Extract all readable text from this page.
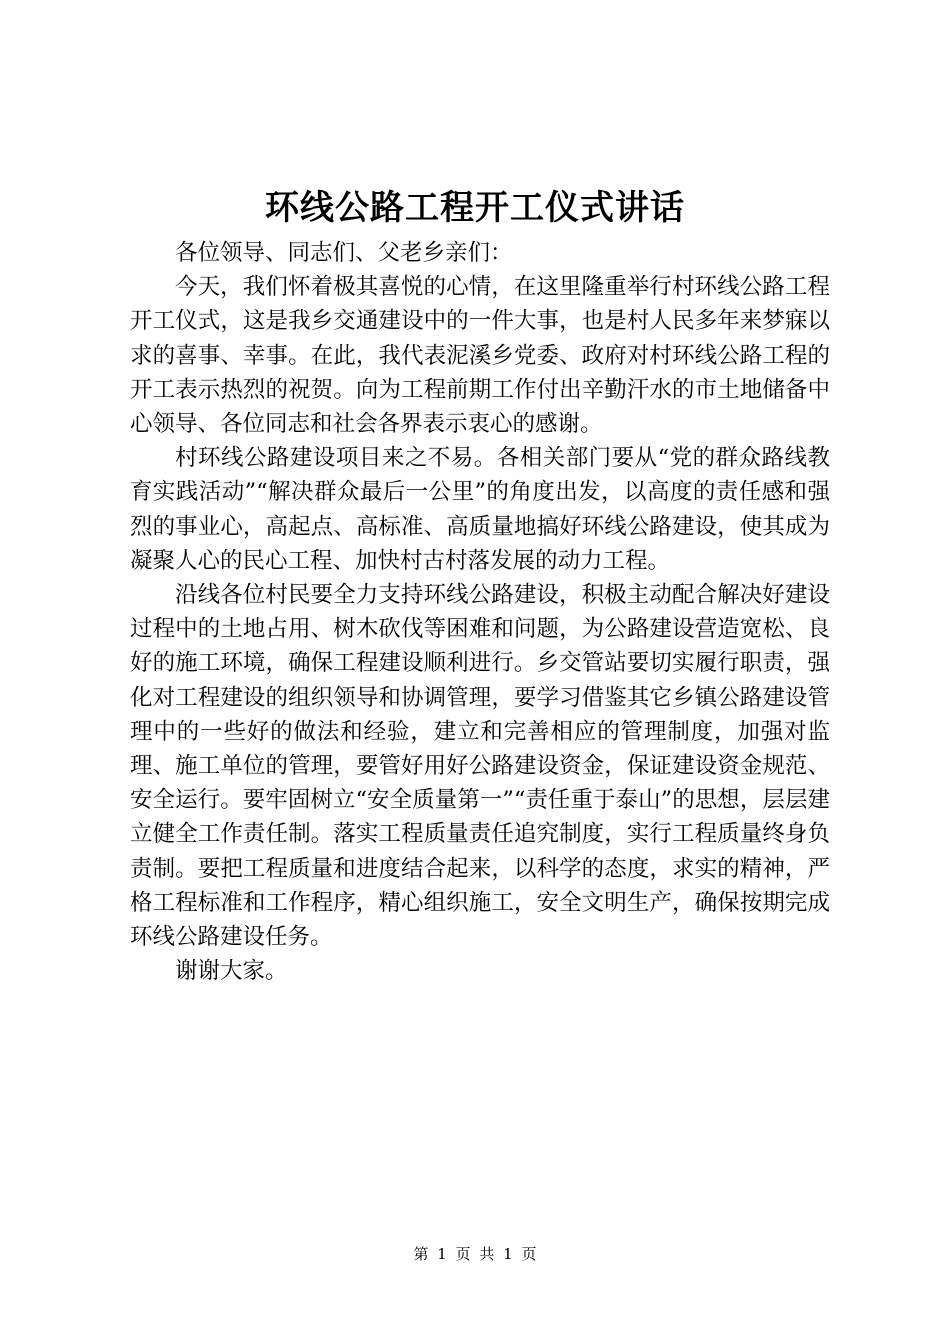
环线公路工程开工仪式讲话

各位领导、同志们、父老乡亲们：

今天，我们怀着极其喜悦的心情，在这里隆重举行村环线公路工程开工仪式，这是我乡交通建设中的一件大事，也是村人民多年来梦寐以求的喜事、幸事。在此，我代表泥溪乡党委、政府对村环线公路工程的开工表示热烈的祝贺。向为工程前期工作付出辛勤汗水的市土地储备中心领导、各位同志和社会各界表示衷心的感谢。

村环线公路建设项目来之不易。各相关部门要从“党的群众路线教育实践活动”“解决群众最后一公里”的角度出发，以高度的责任感和强烈的事业心，高起点、高标准、高质量地搞好环线公路建设，使其成为凝聚人心的民心工程、加快村古村落发展的动力工程。

沿线各位村民要全力支持环线公路建设，积极主动配合解决好建设过程中的土地占用、树木砍伐等困难和问题，为公路建设营造宽松、良好的施工环境，确保工程建设顺利进行。乡交管站要切实履行职责，强化对工程建设的组织领导和协调管理，要学习借鉴其它乡镇公路建设管理中的一些好的做法和经验，建立和完善相应的管理制度，加强对监理、施工单位的管理，要管好用好公路建设资金，保证建设资金规范、安全运行。要牢固树立“安全质量第一”“责任重于泰山”的思想，层层建立健全工作责任制。落实工程质量责任追究制度，实行工程质量终身负责制。要把工程质量和进度结合起来，以科学的态度，求实的精神，严格工程标准和工作程序，精心组织施工，安全文明生产，确保按期完成环线公路建设任务。

谢谢大家。

第 1 页 共 1 页
